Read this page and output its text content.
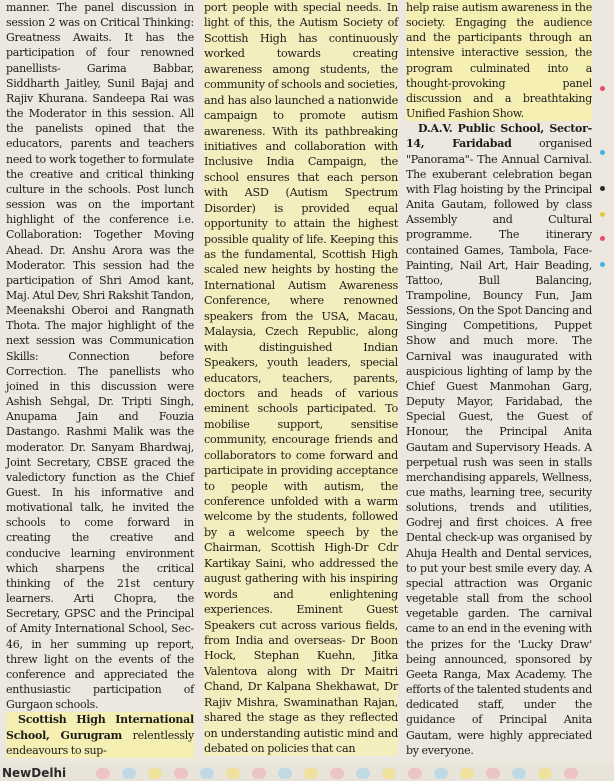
manner. The panel discussion in session 2 was on Critical Thinking: Greatness Awaits. It has the participation of four renowned panellists- Garima Babbar, Siddharth Jaitley, Sunil Bajaj and Rajiv Khurana. Sandeepa Rai was the Moderator in this session. All the panelists opined that the educators, parents and teachers need to work together to formulate the creative and critical thinking culture in the schools. Post lunch session was on the important highlight of the conference i.e. Collaboration: Together Moving Ahead. Dr. Anshu Arora was the Moderator. This session had the participation of Shri Amod kant, Maj. Atul Dev, Shri Rakshit Tandon, Meenakshi Oberoi and Rangnath Thota. The major highlight of the next session was Communication Skills: Connection before Correction. The panellists who joined in this discussion were Ashish Sehgal, Dr. Tripti Singh, Anupama Jain and Fouzia Dastango. Rashmi Malik was the moderator. Dr. Sanyam Bhardwaj, Joint Secretary, CBSE graced the valedictory function as the Chief Guest. In his informative and motivational talk, he invited the schools to come forward in creating the creative and conducive learning environment which sharpens the critical thinking of the 21st century learners. Arti Chopra, the Secretary, GPSC and the Principal of Amity International School, Sec-46, in her summing up report, threw light on the events of the conference and appreciated the enthusiastic participation of Gurgaon schools.

Scottish High International School, Gurugram relentlessly endeavours to sup-

port people with special needs. In light of this, the Autism Society of Scottish High has continuously worked towards creating awareness among students, the community of schools and societies, and has also launched a nationwide campaign to promote autism awareness. With its pathbreaking initiatives and collaboration with Inclusive India Campaign, the school ensures that each person with ASD (Autism Spectrum Disorder) is provided equal opportunity to attain the highest possible quality of life. Keeping this as the fundamental, Scottish High scaled new heights by hosting the International Autism Awareness Conference, where renowned speakers from the USA, Macau, Malaysia, Czech Republic, along with distinguished Indian Speakers, youth leaders, special educators, teachers, parents, doctors and heads of various eminent schools participated. To mobilise support, sensitise community, encourage friends and collaborators to come forward and participate in providing acceptance to people with autism, the conference unfolded with a warm welcome by the students, followed by a welcome speech by the Chairman, Scottish High-Dr Cdr Kartikay Saini, who addressed the august gathering with his inspiring words and enlightening experiences. Eminent Guest Speakers cut across various fields, from India and overseas- Dr Boon Hock, Stephan Kuehn, Jitka Valentova along with Dr Maitri Chand, Dr Kalpana Shekhawat, Dr Rajiv Mishra, Swaminathan Rajan, shared the stage as they reflected on understanding autistic mind and debated on policies that can

help raise autism awareness in the society. Engaging the audience and the participants through an intensive interactive session, the program culminated into a thought-provoking panel discussion and a breathtaking Unified Fashion Show.

D.A.V. Public School, Sector-14, Faridabad organised "Panorama"- The Annual Carnival. The exuberant celebration began with Flag hoisting by the Principal Anita Gautam, followed by class Assembly and Cultural programme. The itinerary contained Games, Tambola, Face-Painting, Nail Art, Hair Beading, Tattoo, Bull Balancing, Trampoline, Bouncy Fun, Jam Sessions, On the Spot Dancing and Singing Competitions, Puppet Show and much more. The Carnival was inaugurated with auspicious lighting of lamp by the Chief Guest Manmohan Garg, Deputy Mayor, Faridabad, the Special Guest, the Guest of Honour, the Principal Anita Gautam and Supervisory Heads. A perpetual rush was seen in stalls merchandising apparels, Wellness, cue maths, learning tree, security solutions, trends and utilities, Godrej and first choices. A free Dental check-up was organised by Ahuja Health and Dental services, to put your best smile every day. A special attraction was Organic vegetable stall from the school vegetable garden. The carnival came to an end in the evening with the prizes for the 'Lucky Draw' being announced, sponsored by Geeta Ranga, Max Academy. The efforts of the talented students and dedicated staff, under the guidance of Principal Anita Gautam, were highly appreciated by everyone.

NewDelhi
